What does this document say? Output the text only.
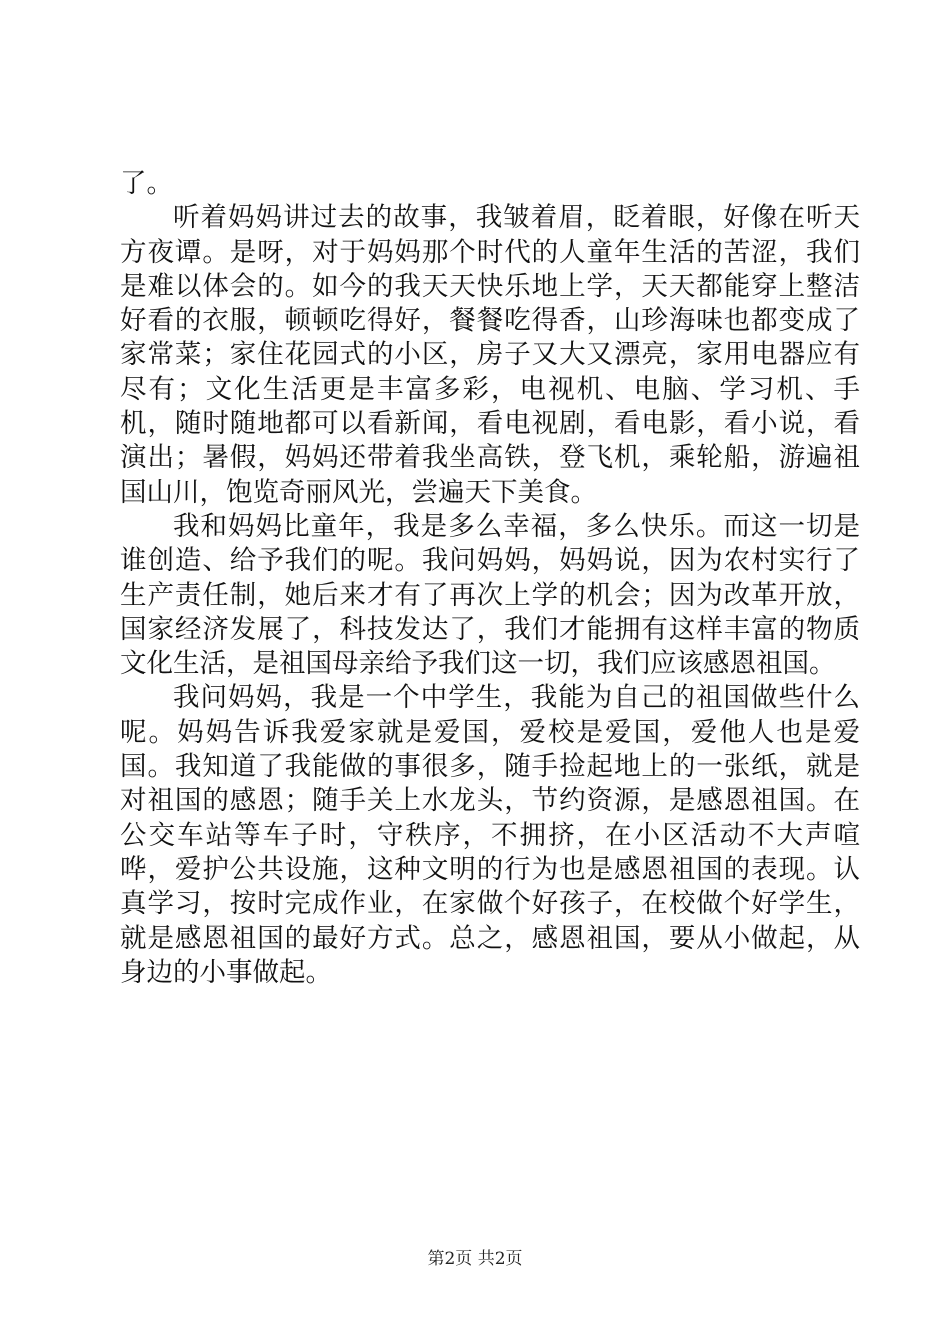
了。

听着妈妈讲过去的故事，我皱着眉，眨着眼，好像在听天方夜谭。是呀，对于妈妈那个时代的人童年生活的苦涩，我们是难以体会的。如今的我天天快乐地上学，天天都能穿上整洁好看的衣服，顿顿吃得好，餐餐吃得香，山珍海味也都变成了家常菜；家住花园式的小区，房子又大又漂亮，家用电器应有尽有；文化生活更是丰富多彩，电视机、电脑、学习机、手机，随时随地都可以看新闻，看电视剧，看电影，看小说，看演出；暑假，妈妈还带着我坐高铁，登飞机，乘轮船，游遍祖国山川，饱览奇丽风光，尝遍天下美食。

我和妈妈比童年，我是多么幸福，多么快乐。而这一切是谁创造、给予我们的呢。我问妈妈，妈妈说，因为农村实行了生产责任制，她后来才有了再次上学的机会；因为改革开放，国家经济发展了，科技发达了，我们才能拥有这样丰富的物质文化生活，是祖国母亲给予我们这一切，我们应该感恩祖国。

我问妈妈，我是一个中学生，我能为自己的祖国做些什么呢。妈妈告诉我爱家就是爱国，爱校是爱国，爱他人也是爱国。我知道了我能做的事很多，随手捡起地上的一张纸，就是对祖国的感恩；随手关上水龙头，节约资源，是感恩祖国。在公交车站等车子时，守秩序，不拥挤，在小区活动不大声喧哗，爱护公共设施，这种文明的行为也是感恩祖国的表现。认真学习，按时完成作业，在家做个好孩子，在校做个好学生，就是感恩祖国的最好方式。总之，感恩祖国，要从小做起，从身边的小事做起。

第2页 共2页
